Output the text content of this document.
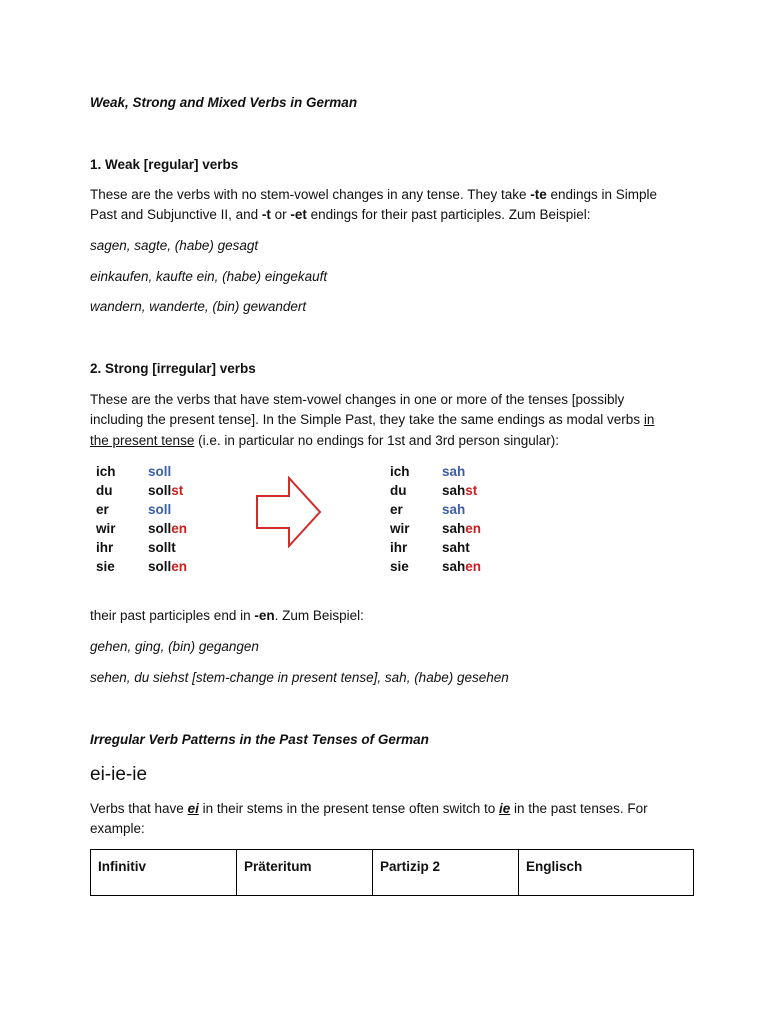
Weak, Strong and Mixed Verbs in German
1. Weak [regular] verbs
These are the verbs with no stem-vowel changes in any tense. They take -te endings in Simple
Past and Subjunctive II, and -t or -et endings for their past participles. Zum Beispiel:
sagen, sagte, (habe) gesagt
einkaufen, kaufte ein, (habe) eingekauft
wandern, wanderte, (bin) gewandert
2. Strong [irregular] verbs
These are the verbs that have stem-vowel changes in one or more of the tenses [possibly
including the present tense]. In the Simple Past, they take the same endings as modal verbs in
the present tense (i.e. in particular no endings for 1st and 3rd person singular):
ich soll
du	sollst
er	soll
wir sollen
ihr	sollt
sie sollen
ich sah
du	sahst
er	sah
wir sahen
ihr	saht
sie sahen
their past participles end in -en. Zum Beispiel:
gehen, ging, (bin) gegangen
sehen, du siehst [stem-change in present tense], sah, (habe) gesehen
Irregular Verb Patterns in the Past Tenses of German
ei-ie-ie
Verbs that have ei in their stems in the present tense often switch to ie in the past tenses. For
example:
Infinitiv	Präteritum	Partizip 2	Englisch
